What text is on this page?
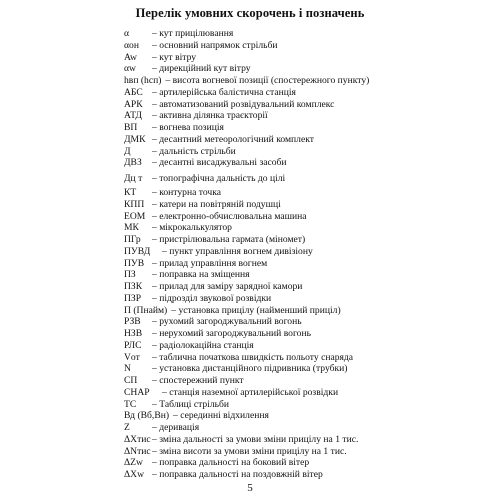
Перелік умовних скорочень і позначень
α – кут прицілювання
αон – основний напрямок стрільби
Aw – кут вітру
αw – дирекційний кут вітру
hвп (hсп) – висота вогневої позиції (спостережного пункту)
АБС – артилерійська балістична станція
АРК – автоматизований розвідувальний комплекс
АТД – активна ділянка траєкторії
ВП – вогнева позиція
ДМК – десантний метеорологічний комплект
Д – дальність стрільби
ДВЗ – десантні висаджувальні засоби
Дц т – топографічна дальність до цілі
КТ – контурна точка
КПП – катери на повітряній подушці
ЕОМ – електронно-обчислювальна машина
МК – мікрокалькулятор
ПГр – пристрілювальна гармата (міномет)
ПУВД – пункт управління вогнем дивізіону
ПУВ – прилад управління вогнем
ПЗ – поправка на зміщення
ПЗК – прилад для заміру зарядної камори
ПЗР – підрозділ звукової розвідки
П (Пнайм) – установка прицілу (найменший приціл)
РЗВ – рухомий загороджувальний вогонь
НЗВ – нерухомий загороджувальний вогонь
РЛС – радіолокаційна станція
Vот – таблична початкова швидкість польоту снаряда
N – установка дистанційного підривника (трубки)
СП – спостережний пункт
СНАР – станція наземної артилерійської розвідки
ТС – Таблиці стрільби
Вд (Вб,Вн) – серединні відхилення
Z – деривація
ΔXтис – зміна дальності за умови зміни прицілу на 1 тис.
ΔNтис – зміна висоти за умови зміни прицілу на 1 тис.
ΔZw – поправка дальності на боковий вітер
ΔXw – поправка дальності на поздовжній вітер
5
